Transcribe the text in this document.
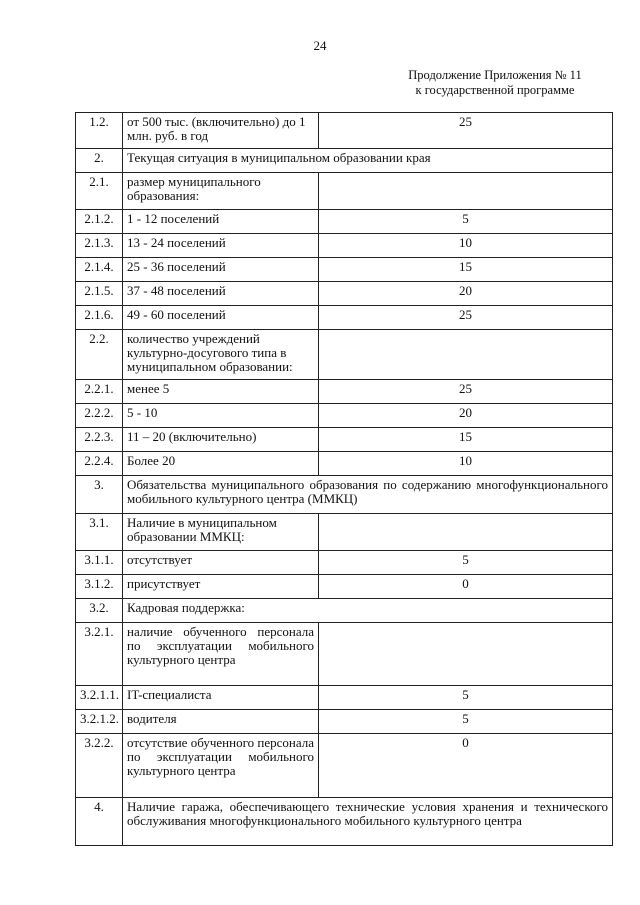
24
Продолжение Приложения № 11
к государственной программе
1.2.	от 500 тыс. (включительно) до 1 млн. руб. в год	25
2.	Текущая ситуация в муниципальном образовании края	
2.1.	размер муниципального образования:	
2.1.2.	1 - 12 поселений	5
2.1.3.	13 - 24 поселений	10
2.1.4.	25 - 36 поселений	15
2.1.5.	37 - 48 поселений	20
2.1.6.	49 - 60 поселений	25
2.2.	количество учреждений культурно-досугового типа в муниципальном образовании:	
2.2.1.	менее 5	25
2.2.2.	5 - 10	20
2.2.3.	11 – 20 (включительно)	15
2.2.4.	Более 20	10
3.	Обязательства муниципального образования по содержанию многофункционального мобильного культурного центра (ММКЦ)	
3.1.	Наличие в муниципальном образовании ММКЦ:	
3.1.1.	отсутствует	5
3.1.2.	присутствует	0
3.2.	Кадровая поддержка:	
3.2.1.	наличие обученного персонала по эксплуатации мобильного культурного центра	
3.2.1.1.	IT-специалиста	5
3.2.1.2.	водителя	5
3.2.2.	отсутствие обученного персонала по эксплуатации мобильного культурного центра	0
4.	Наличие гаража, обеспечивающего технические условия хранения и технического обслуживания многофункционального мобильного культурного центра	
